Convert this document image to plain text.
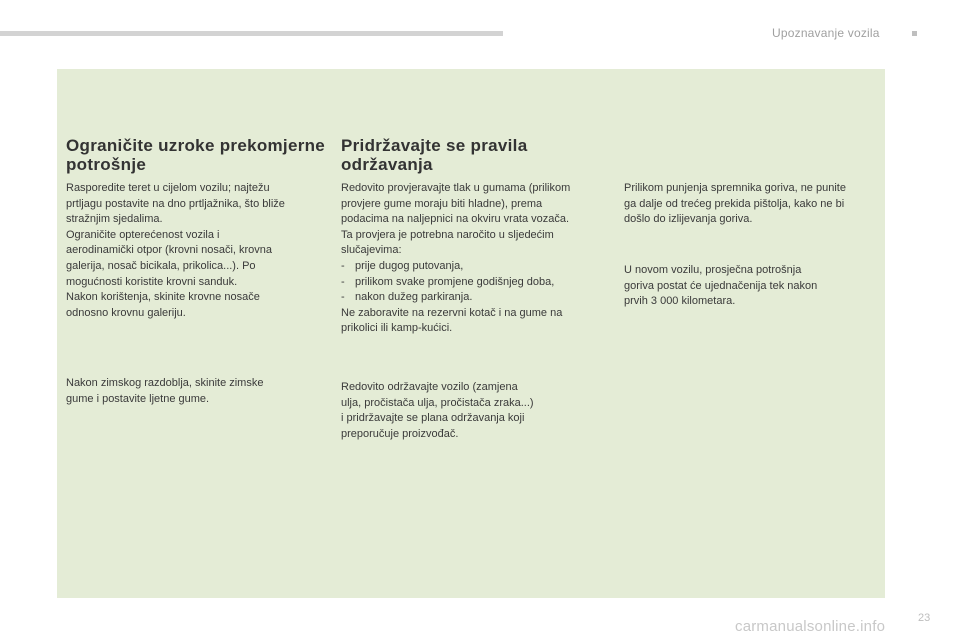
Upoznavanje vozila
Ograničite uzroke prekomjerne potrošnje

Rasporedite teret u cijelom vozilu; najtežu
prtljagu postavite na dno prtljažnika, što bliže
stražnjim sjedalima.
Ograničite opterećenost vozila i
aerodinamički otpor (krovni nosači, krovna
galerija, nosač bicikala, prikolica...). Po
mogućnosti koristite krovni sanduk.
Nakon korištenja, skinite krovne nosače
odnosno krovnu galeriju.

Nakon zimskog razdoblja, skinite zimske
gume i postavite ljetne gume.

Pridržavajte se pravila održavanja

Redovito provjeravajte tlak u gumama (prilikom
provjere gume moraju biti hladne), prema
podacima na naljepnici na okviru vrata vozača.
Ta provjera je potrebna naročito u sljedećim
slučajevima:

- prije dugog putovanja,
- prilikom svake promjene godišnjeg doba,
- nakon dužeg parkiranja.

Ne zaboravite na rezervni kotač i na gume na
prikolici ili kamp-kućici.

Redovito održavajte vozilo (zamjena
ulja, pročistača ulja, pročistača zraka...)
i pridržavajte se plana održavanja koji
preporučuje proizvođač.

Prilikom punjenja spremnika goriva, ne punite
ga dalje od trećeg prekida pištolja, kako ne bi
došlo do izlijevanja goriva.

U novom vozilu, prosječna potrošnja
goriva postat će ujednačenija tek nakon
prvih 3 000 kilometara.

23
carmanualsonline.info
